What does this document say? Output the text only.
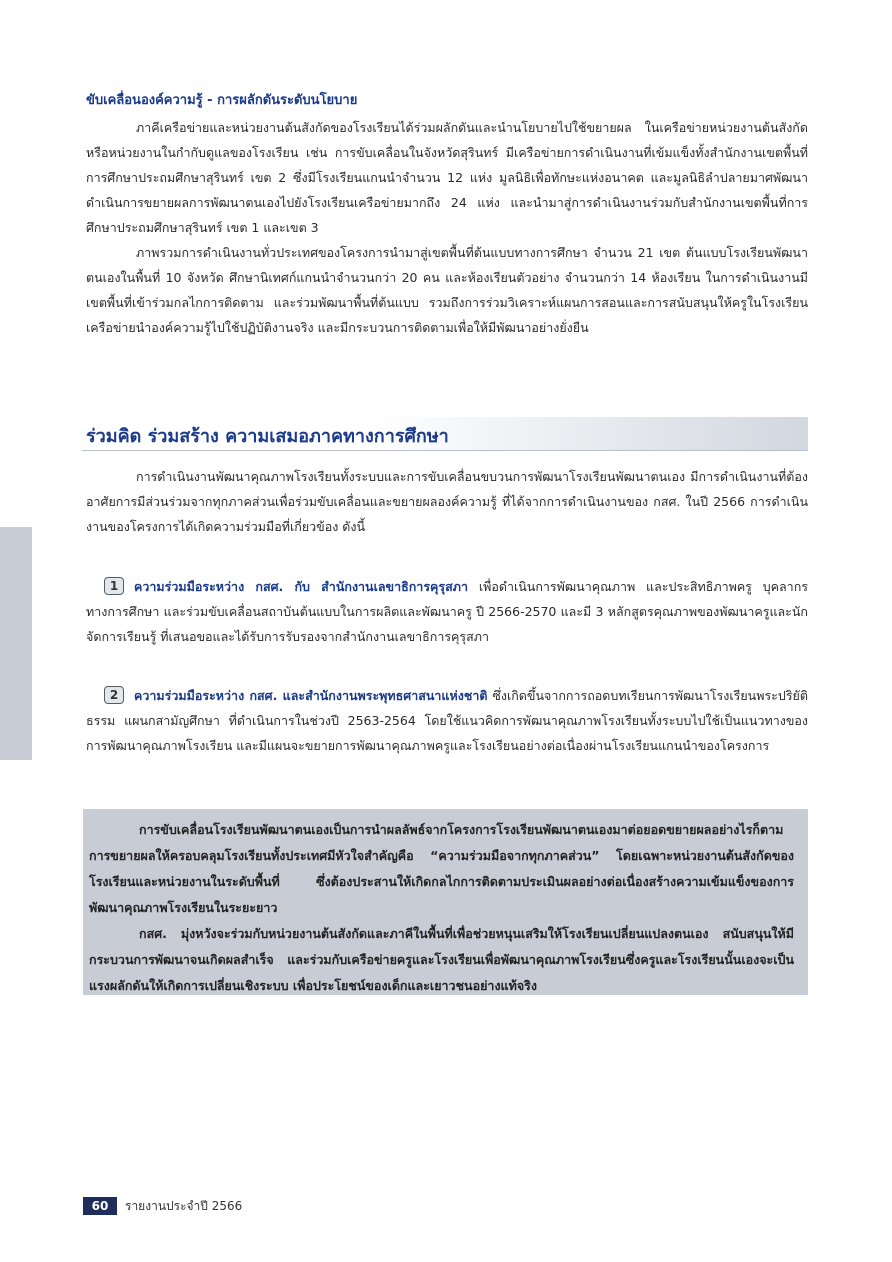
ขับเคลื่อนองค์ความรู้ - การผลักดันระดับนโยบาย

ภาคีเครือข่ายและหน่วยงานต้นสังกัดของโรงเรียนได้ร่วมผลักดันและนำนโยบายไปใช้ขยายผล ในเครือข่ายหน่วยงานต้นสังกัด หรือหน่วยงานในกำกับดูแลของโรงเรียน เช่น การขับเคลื่อนในจังหวัดสุรินทร์ มีเครือข่ายการดำเนินงานที่เข้มแข็งทั้งสำนักงานเขตพื้นที่การศึกษาประถมศึกษาสุรินทร์ เขต 2 ซึ่งมีโรงเรียนแกนนำจำนวน 12 แห่ง มูลนิธิเพื่อทักษะแห่งอนาคต และมูลนิธิลำปลายมาศพัฒนา ดำเนินการขยายผลการพัฒนาตนเองไปยังโรงเรียนเครือข่ายมากถึง 24 แห่ง และนำมาสู่การดำเนินงานร่วมกับสำนักงานเขตพื้นที่การศึกษาประถมศึกษาสุรินทร์ เขต 1 และเขต 3

ภาพรวมการดำเนินงานทั่วประเทศของโครงการนำมาสู่เขตพื้นที่ต้นแบบทางการศึกษา จำนวน 21 เขต ต้นแบบโรงเรียนพัฒนาตนเองในพื้นที่ 10 จังหวัด ศึกษานิเทศก์แกนนำจำนวนกว่า 20 คน และห้องเรียนตัวอย่าง จำนวนกว่า 14 ห้องเรียน ในการดำเนินงานมีเขตพื้นที่เข้าร่วมกลไกการติดตาม และร่วมพัฒนาพื้นที่ต้นแบบ รวมถึงการร่วมวิเคราะห์แผนการสอนและการสนับสนุนให้ครูในโรงเรียนเครือข่ายนำองค์ความรู้ไปใช้ปฏิบัติงานจริง และมีกระบวนการติดตามเพื่อให้มีพัฒนาอย่างยั่งยืน

ร่วมคิด ร่วมสร้าง ความเสมอภาคทางการศึกษา

การดำเนินงานพัฒนาคุณภาพโรงเรียนทั้งระบบและการขับเคลื่อนขบวนการพัฒนาโรงเรียนพัฒนาตนเอง มีการดำเนินงานที่ต้องอาศัยการมีส่วนร่วมจากทุกภาคส่วนเพื่อร่วมขับเคลื่อนและขยายผลองค์ความรู้ ที่ได้จากการดำเนินงานของ กสศ. ในปี 2566 การดำเนินงานของโครงการได้เกิดความร่วมมือที่เกี่ยวข้อง ดังนี้

1 ความร่วมมือระหว่าง กสศ. กับ สำนักงานเลขาธิการคุรุสภา เพื่อดำเนินการพัฒนาคุณภาพ และประสิทธิภาพครู บุคลากรทางการศึกษา และร่วมขับเคลื่อนสถาบันต้นแบบในการผลิตและพัฒนาครู ปี 2566-2570 และมี 3 หลักสูตรคุณภาพของพัฒนาครูและนักจัดการเรียนรู้ ที่เสนอขอและได้รับการรับรองจากสำนักงานเลขาธิการคุรุสภา

2 ความร่วมมือระหว่าง กสศ. และสำนักงานพระพุทธศาสนาแห่งชาติ ซึ่งเกิดขึ้นจากการถอดบทเรียนการพัฒนาโรงเรียนพระปริยัติธรรม แผนกสามัญศึกษา ที่ดำเนินการในช่วงปี 2563-2564 โดยใช้แนวคิดการพัฒนาคุณภาพโรงเรียนทั้งระบบไปใช้เป็นแนวทางของการพัฒนาคุณภาพโรงเรียน และมีแผนจะขยายการพัฒนาคุณภาพครูและโรงเรียนอย่างต่อเนื่องผ่านโรงเรียนแกนนำของโครงการ

การขับเคลื่อนโรงเรียนพัฒนาตนเองเป็นการนำผลลัพธ์จากโครงการโรงเรียนพัฒนาตนเองมาต่อยอดขยายผลอย่างไรก็ตามการขยายผลให้ครอบคลุมโรงเรียนทั้งประเทศมีหัวใจสำคัญคือ “ความร่วมมือจากทุกภาคส่วน” โดยเฉพาะหน่วยงานต้นสังกัดของโรงเรียนและหน่วยงานในระดับพื้นที่ ซึ่งต้องประสานให้เกิดกลไกการติดตามประเมินผลอย่างต่อเนื่องสร้างความเข้มแข็งของการพัฒนาคุณภาพโรงเรียนในระยะยาว

กสศ. มุ่งหวังจะร่วมกับหน่วยงานต้นสังกัดและภาคีในพื้นที่เพื่อช่วยหนุนเสริมให้โรงเรียนเปลี่ยนแปลงตนเอง สนับสนุนให้มีกระบวนการพัฒนาจนเกิดผลสำเร็จ และร่วมกับเครือข่ายครูและโรงเรียนเพื่อพัฒนาคุณภาพโรงเรียนซึ่งครูและโรงเรียนนั้นเองจะเป็นแรงผลักดันให้เกิดการเปลี่ยนเชิงระบบ เพื่อประโยชน์ของเด็กและเยาวชนอย่างแท้จริง

60	รายงานประจำปี 2566
